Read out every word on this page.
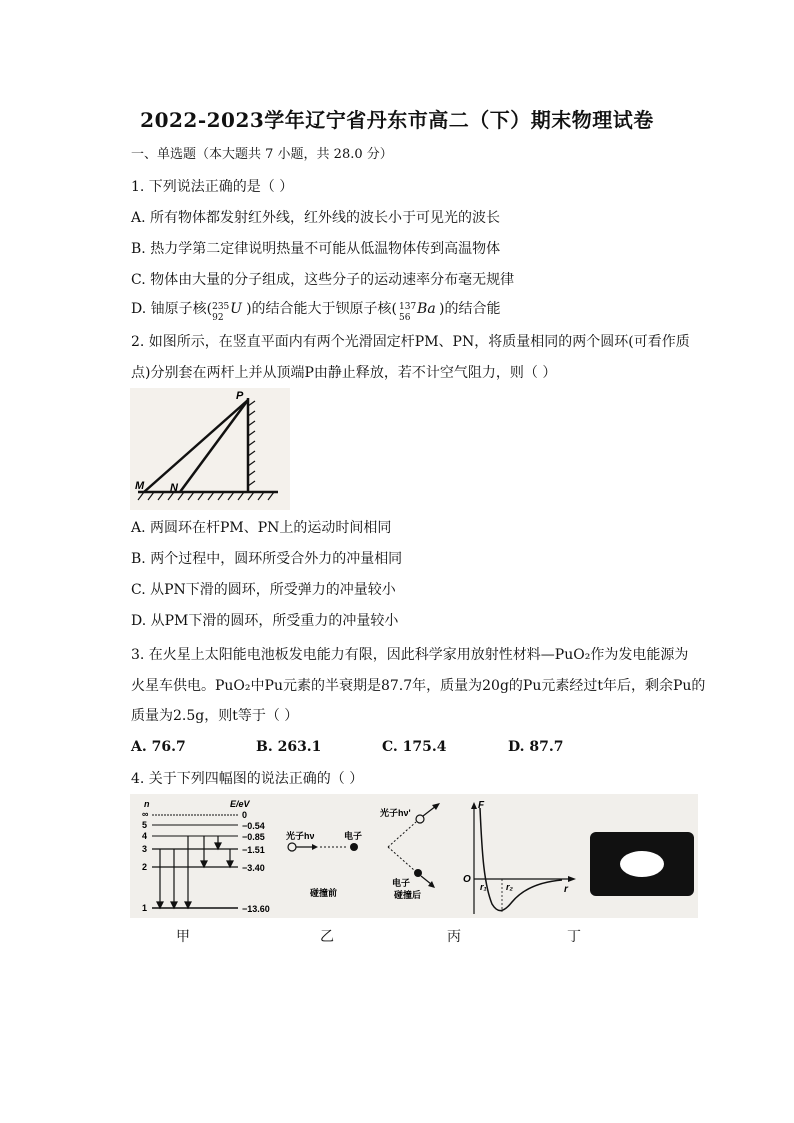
2022-2023学年辽宁省丹东市高二（下）期末物理试卷
一、单选题（本大题共 7 小题，共 28.0 分）
1. 下列说法正确的是（ ）
A. 所有物体都发射红外线，红外线的波长小于可见光的波长
B. 热力学第二定律说明热量不可能从低温物体传到高温物体
C. 物体由大量的分子组成，这些分子的运动速率分布毫无规律
D. 铀原子核( 235
92
U )的结合能大于钡原子核( 137
56
Ba )的结合能
2. 如图所示，在竖直平面内有两个光滑固定杆PM、PN，将质量相同的两个圆环(可看作质
点)分别套在两杆上并从顶端P由静止释放，若不计空气阻力，则（ ）
P
M N
A. 两圆环在杆PM、PN上的运动时间相同
B. 两个过程中，圆环所受合外力的冲量相同
C. 从PN下滑的圆环，所受弹力的冲量较小
D. 从PM下滑的圆环，所受重力的冲量较小
3. 在火星上太阳能电池板发电能力有限，因此科学家用放射性材料—PuO₂作为发电能源为
火星车供电。PuO₂中Pu元素的半衰期是87.7年，质量为20g的Pu元素经过t年后，剩余Pu的
质量为2.5g，则t等于（ ）
A. 76.7	B. 263.1	C. 175.4	D. 87.7
4. 关于下列四幅图的说法正确的（ ）
n	E/eV
∞	0
5	−0.54
4	−0.85
3	−1.51
2	−3.40
1	−13.60
光子hν	电子
碰撞前
光子hν'
电子
碰撞后
F
r
O
r₁ r₂
甲	乙	丙	丁
